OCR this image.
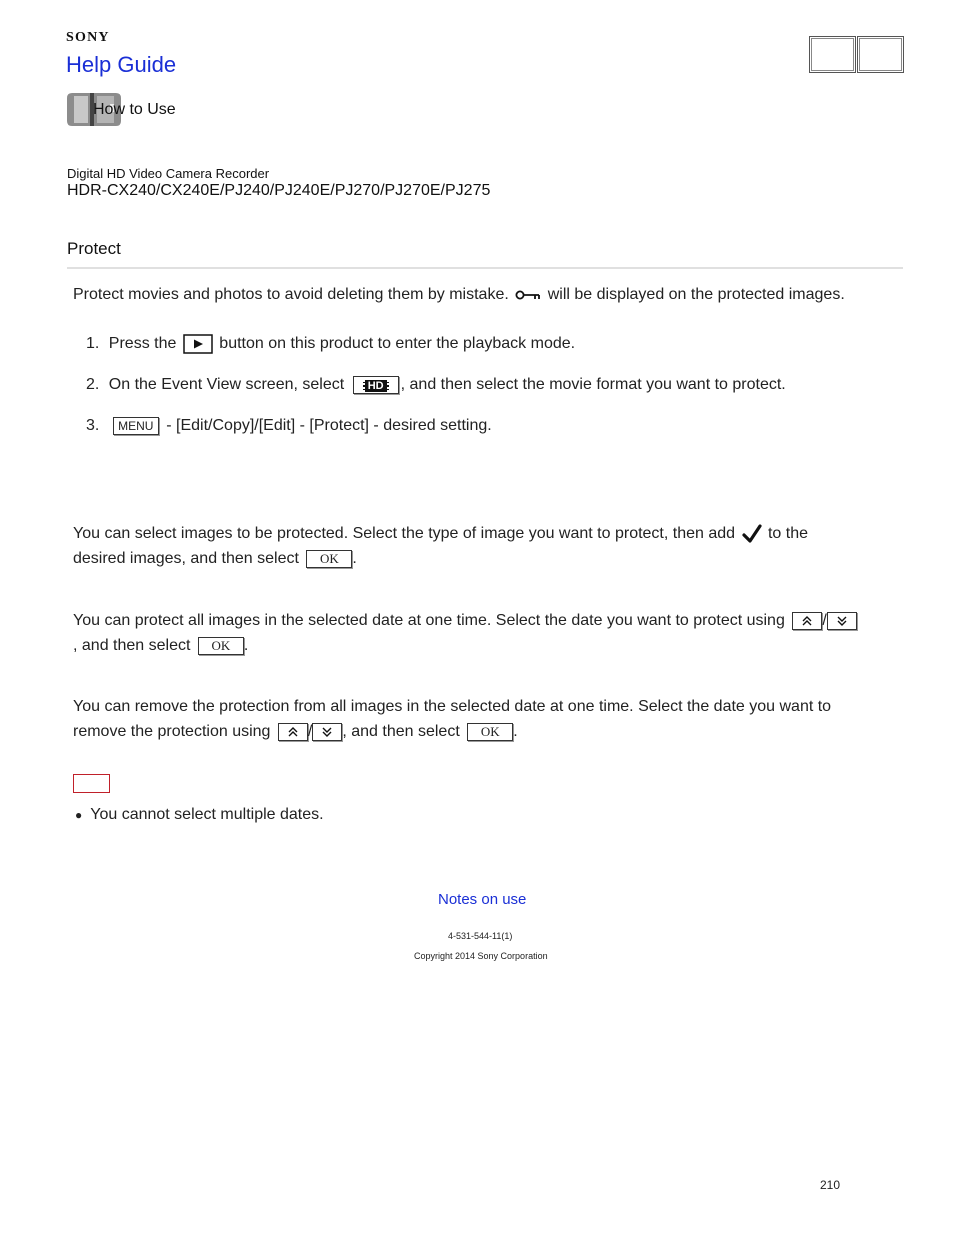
SONY
Help Guide
How to Use
Digital HD Video Camera Recorder
HDR-CX240/CX240E/PJ240/PJ240E/PJ270/PJ270E/PJ275
Protect
Protect movies and photos to avoid deleting them by mistake. will be displayed on the protected images.
1. Press the	button on this product to enter the playback mode.
2. On the Event View screen, select HD , and then select the movie format you want to protect.
3. MENU - [Edit/Copy]/[Edit] - [Protect] - desired setting.
You can select images to be protected. Select the type of image you want to protect, then add to the
desired images, and then select OK .
You can protect all images in the selected date at one time. Select the date you want to protect using /
, and then select OK .
You can remove the protection from all images in the selected date at one time. Select the date you want to
remove the protection using / , and then select OK .
● You cannot select multiple dates.
Notes on use
4-531-544-11(1)
Copyright 2014 Sony Corporation
210
